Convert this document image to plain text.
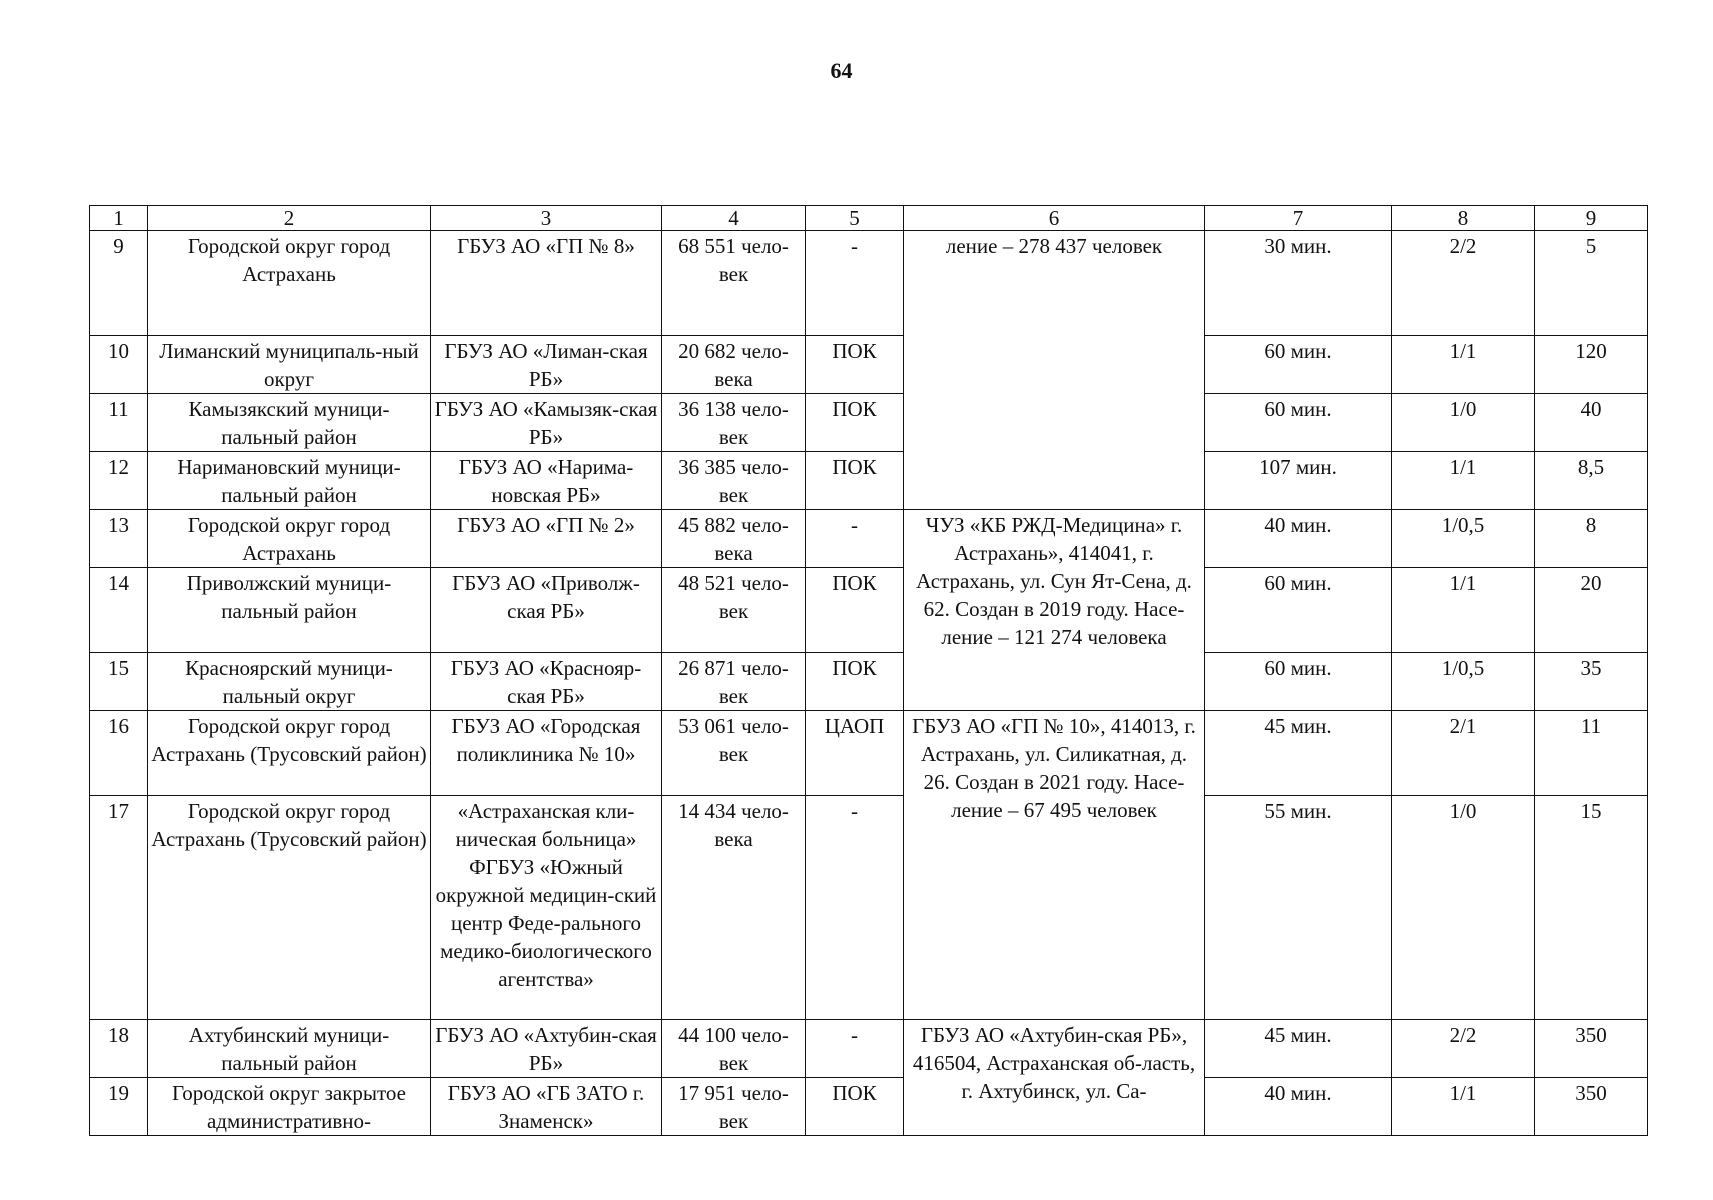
64
1	2	3	4	5	6	7	8	9
9	Городской округ город Астрахань	ГБУЗ АО «ГП № 8»	68 551 чело-век	-	ление – 278 437 человек	30 мин.	2/2	5
10	Лиманский муниципаль-ный округ	ГБУЗ АО «Лиман-ская РБ»	20 682 чело-века	ПОК		60 мин.	1/1	120
11	Камызякский муници-пальный район	ГБУЗ АО «Камызяк-ская РБ»	36 138 чело-век	ПОК		60 мин.	1/0	40
12	Наримановский муници-пальный район	ГБУЗ АО «Нарима-новская РБ»	36 385 чело-век	ПОК		107 мин.	1/1	8,5
13	Городской округ город Астрахань	ГБУЗ АО «ГП № 2»	45 882 чело-века	-	ЧУЗ «КБ РЖД-Медицина» г. Астрахань», 414041, г. Астрахань, ул. Сун Ят-Сена, д. 62. Создан в 2019 году. Насе-ление – 121 274 человека	40 мин.	1/0,5	8
14	Приволжский муници-пальный район	ГБУЗ АО «Приволж-ская РБ»	48 521 чело-век	ПОК		60 мин.	1/1	20
15	Красноярский муници-пальный округ	ГБУЗ АО «Краснояр-ская РБ»	26 871 чело-век	ПОК		60 мин.	1/0,5	35
16	Городской округ город Астрахань (Трусовский район)	ГБУЗ АО «Городская поликлиника № 10»	53 061 чело-век	ЦАОП	ГБУЗ АО «ГП № 10», 414013, г. Астрахань, ул. Силикатная, д. 26. Создан в 2021 году. Насе-ление – 67 495 человек	45 мин.	2/1	11
17	Городской округ город Астрахань (Трусовский район)	«Астраханская кли-ническая больница» ФГБУЗ «Южный окружной медицин-ский центр Феде-рального медико-биологического агентства»	14 434 чело-века	-		55 мин.	1/0	15
18	Ахтубинский муници-пальный район	ГБУЗ АО «Ахтубин-ская РБ»	44 100 чело-век	-	ГБУЗ АО «Ахтубин-ская РБ», 416504, Астраханская об-ласть, г. Ахтубинск, ул. Са-	45 мин.	2/2	350
19	Городской округ закрытое административно-	ГБУЗ АО «ГБ ЗАТО г. Знаменск»	17 951 чело-век	ПОК		40 мин.	1/1	350
